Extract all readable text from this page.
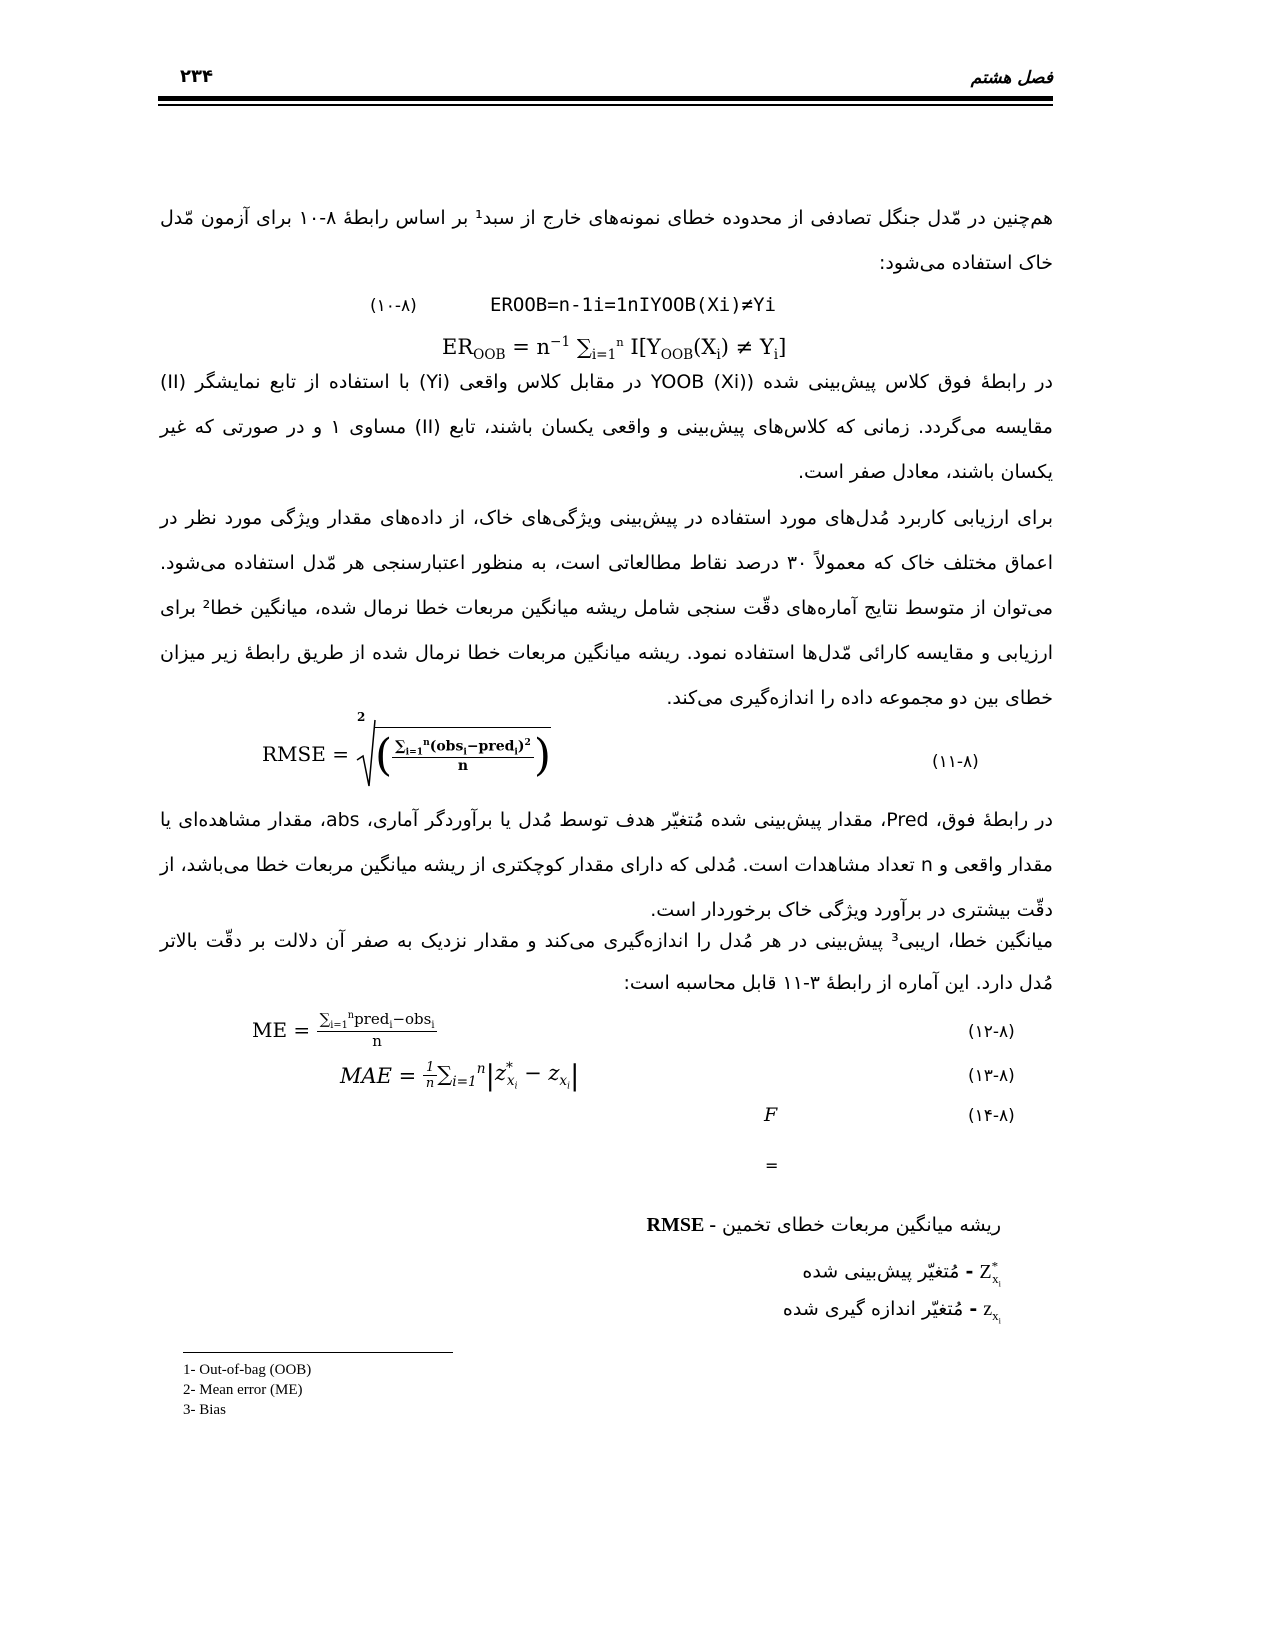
۲۳۴	فصل هشتم
هم‌چنین در مّدل جنگل تصادفی از محدوده خطای نمونه‌های خارج از سبد¹ بر اساس رابطۀ ۸-۱۰ برای آزمون مّدل خاک استفاده می‌شود:
(۱۰-۸)	EROOB=n-1i=1nIYOOB(Xi)≠Yi
$ER_{OOB} = n^{-1}$ $\sum_{i=1}^n$ $I[Y_{OOB}(X_i) \ne Y_i]$
در رابطۀ فوق کلاس پیش‌بینی شده ((YOOB (Xi در مقابل کلاس واقعی (Yi) با استفاده از تابع نمایشگر (II) مقایسه می‌گردد. زمانی که کلاس‌های پیش‌بینی و واقعی یکسان باشند، تابع (II) مساوی ۱ و در صورتی که غیر یکسان باشند، معادل صفر است.
برای ارزیابی کاربرد مُدل‌های مورد استفاده در پیش‌بینی ویژگی‌های خاک، از داده‌های مقدار ویژگی مورد نظر در اعماق مختلف خاک که معمولاً ۳۰ درصد نقاط مطالعاتی است، به منظور اعتبارسنجی هر مّدل استفاده می‌شود. می‌توان از متوسط نتایج آماره‌های دقّت سنجی شامل ریشه میانگین مربعات خطا نرمال شده، میانگین خطا² برای ارزیابی و مقایسه کارائی مّدل‌ها استفاده نمود. ریشه میانگین مربعات خطا نرمال شده از طریق رابطۀ زیر میزان خطای بین دو مجموعه داده را اندازه‌گیری می‌کند.
RMSE =
2
( $\frac{\sum_{i=1}^n(obs_i-pred_i)^2}{n}$ )	(۱۱-۸)
در رابطۀ فوق، Pred، مقدار پیش‌بینی شده مُتغیّر هدف توسط مُدل یا برآوردگر آماری، abs، مقدار مشاهده‌ای یا مقدار واقعی و n تعداد مشاهدات است. مُدلی که دارای مقدار کوچکتری از ریشه میانگین مربعات خطا می‌باشد، از دقّت بیشتری در برآورد ویژگی خاک برخوردار است.
میانگین خطا، اریبی³ پیش‌بینی در هر مُدل را اندازه‌گیری می‌کند و مقدار نزدیک به صفر آن دلالت بر دقّت بالاتر مُدل دارد. این آماره از رابطۀ ۳-۱۱ قابل محاسبه است:
ME = $\frac{\sum_{i=1}^npred_i-obs_i}{n}$	(۱۲-۸)
MAE = $\frac{1}{n} \sum_{i=1}^n$ | $z^*_{x_i} - z_{x_i}$ |	(۱۳-۸)
F	(۱۴-۸)
=
RMSE - ریشه میانگین مربعات خطای تخمین
$Z^*_{x_i}$ - مُتغیّر پیش‌بینی شده
$z_{x_i}$ - مُتغیّر اندازه گیری شده
1- Out-of-bag (OOB)
2- Mean error (ME)
3- Bias
